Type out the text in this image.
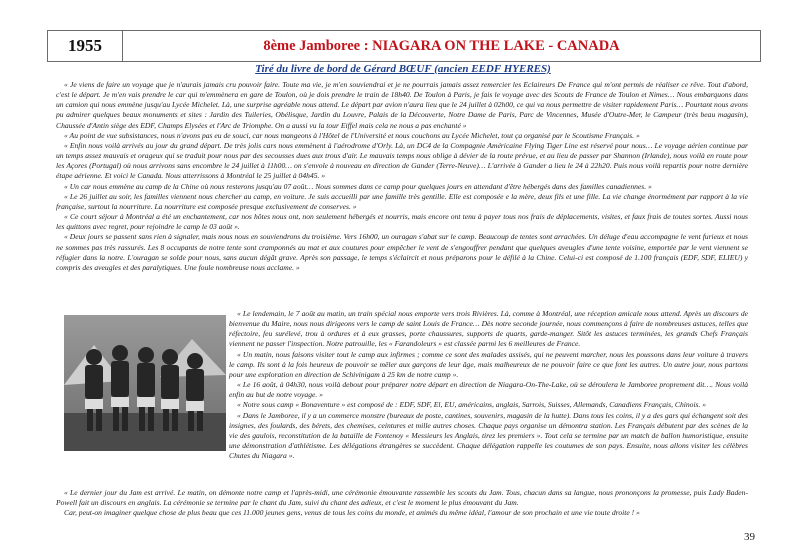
1955	8ème Jamboree : NIAGARA ON THE LAKE - CANADA
Tiré du livre de bord de Gérard BŒUF (ancien EEDF HYERES)

« Je viens de faire un voyage que je n'aurais jamais cru pouvoir faire. Toute ma vie, je m'en souviendrai et je ne pourrais jamais assez remercier les Eclaireurs De France qui m'ont permis de réaliser ce rêve. Tout d'abord, c'est le départ. Je m'en vais prendre le car qui m'emmènera en gare de Toulon, où je dois prendre le train de 18h40. De Toulon à Paris, je fais le voyage avec des Scouts de France de Toulon et Nimes… Nous embarquons dans un camion qui nous emmène jusqu'au Lycée Michelet. Là, une surprise agréable nous attend. Le départ par avion n'aura lieu que le 24 juillet à 02h00, ce qui va nous permettre de visiter rapidement Paris… Pourtant nous avons pu admirer quelques beaux monuments et sites : Jardin des Tuileries, Obélisque, Jardin du Louvre, Palais de la Découverte, Notre Dame de Paris, Parc de Vincennes, Musée d'Outre-Mer, le Campeur (très beau magasin), Chaussée d'Antin siège des EDF, Champs Elysées et l'Arc de Triomphe. On a aussi vu la tour Eiffel mais cela ne nous a pas enchanté »

« Au point de vue subsistances, nous n'avons pas eu de souci, car nous mangeons à l'Hôtel de l'Université et nous couchons au Lycée Michelet, tout ça organisé par le Scoutisme Français. »

« Enfin nous voilà arrivés au jour du grand départ. De très jolis cars nous emmènent à l'aérodrome d'Orly. Là, un DC4 de la Compagnie Américaine Flying Tiger Line est réservé pour nous… Le voyage aérien continue par un temps assez mauvais et orageux qui se traduit pour nous par des secousses dues aux trous d'air. Le mauvais temps nous oblige à dévier de la route prévue, et au lieu de passer par Shannon (Irlande), nous voilà en route pour les Açores (Portugal) où nous arrivons sans encombre le 24 juillet à 11h00… on s'envole à nouveau en direction de Gander (Terre-Neuve)… L'arrivée à Gander a lieu le 24 à 22h20. Puis nous voilà repartis pour notre dernière étape aérienne. Et voici le Canada. Nous atterrissons à Montréal le 25 juillet à 04h45. »

« Un car nous emmène au camp de la Chine où nous resterons jusqu'au 07 août… Nous sommes dans ce camp pour quelques jours en attendant d'être hébergés dans des familles canadiennes. »

« Le 26 juillet au soir, les familles viennent nous chercher au camp, en voiture. Je suis accueilli par une famille très gentille. Elle est composée e la mère, deux fils et une fille. La vie change énormément par rapport à la vie française, surtout la nourriture. La nourriture est composée presque exclusivement de conserves. »

« Ce court séjour à Montréal a été un enchantement, car nos hôtes nous ont, non seulement hébergés et nourris, mais encore ont tenu à payer tous nos frais de déplacements, visites, et faux frais de toutes sortes. Aussi nous les quittons avec regret, pour rejoindre le camp le 03 août ».

« Deux jours se passent sans rien à signaler, mais nous nous en souviendrons du troisième. Vers 16h00, un ouragan s'abat sur le camp. Beaucoup de tentes sont arrachées. Un déluge d'eau accompagne le vent furieux et nous ne sommes pas très rassurés. Les 8 occupants de notre tente sont cramponnés au mat et aux coutures pour empêcher le vent de s'engouffrer pendant que quelques aveugles d'une tente voisine, emportée par le vent viennent se réfugier dans la notre. L'ouragan se solde pour nous, sans aucun dégât grave. Après son passage, le temps s'éclaircit et nous préparons pour le défilé à la Chine. Celui-ci est composé de 1.100 français (EDF, SDF, ELIEU) y compris des aveugles et des paralytiques. Une foule nombreuse nous acclame. »

« Le lendemain, le 7 août au matin, un train spécial nous emporte vers trois Rivières. Là, comme à Montréal, une réception amicale nous attend. Après un discours de bienvenue du Maire, nous nous dirigeons vers le camp de saint Louis de France… Dès notre seconde journée, nous commençons à faire de nombreuses astuces, telles que réfectoire, feu surélevé, trou à ordures et à eux grasses, porte chaussures, supports de quarts, garde-manger. Sitôt les astuces terminées, les grands Chefs Français viennent ne passer l'inspection. Notre patrouille, les « Farandoleurs » est classée parmi les 6 meilleures de France.

« Un matin, nous faisons visiter tout le camp aux infirmes ; comme ce sont des malades assisés, qui ne peuvent marcher, nous les poussons dans leur voiture à travers le camp. Ils sont à la fois heureux de pouvoir se mêler aux garçons de leur âge, mais malheureux de ne pouvoir faire ce que font les autres. Un autre jour, nous partons pour une exploration en direction de Schivinigam à 25 km de notre camp ».

« Le 16 août, à 04h30, nous voilà debout pour préparer notre départ en direction de Niagara-On-The-Lake, où se déroulera le Jamboree proprement dit…. Nous voilà enfin au but de notre voyage. »

« Notre sous camp « Bonaventure » est composé de : EDF, SDF, El, EU, américains, anglais, Sarrois, Suisses, Allemands, Canadiens Français, Chinois. »

« Dans le Jamboree, il y a un commerce monstre (bureaux de poste, cantines, souvenirs, magasin de la hutte). Dans tous les coins, il y a des gars qui échangent soit des insignes, des foulards, des bérets, des chemises, ceintures et mille autres choses. Chaque pays organise un démontra station. Les Français débutent par des scènes de la vie des gaulois, reconstitution de la bataille de Fontenoy « Messieurs les Anglais, tirez les premiers ». Tout cela se termine par un match de ballon humoristique, ensuite une démonstration d'athlétisme. Les délégations étrangères se succèdent. Chaque délégation rappelle les coutumes de son pays. Ensuite, nous allons visiter les célèbres Chutes du Niagara ».

« Le dernier jour du Jam est arrivé. Le matin, on démonte notre camp et l'après-midi, une cérémonie émouvante rassemble les scouts du Jam. Tous, chacun dans sa langue, nous prononçons la promesse, puis Lady Baden-Powell fait un discours en anglais. La cérémonie se termine par le chant du Jam, suivi du chant des adieux, et c'est le moment le plus émouvant du Jam.

Car, peut-on imaginer quelque chose de plus beau que ces 11.000 jeunes gens, venus de tous les coins du monde, et animés du même idéal, l'amour de son prochain et une vie toute droite ! »

39
